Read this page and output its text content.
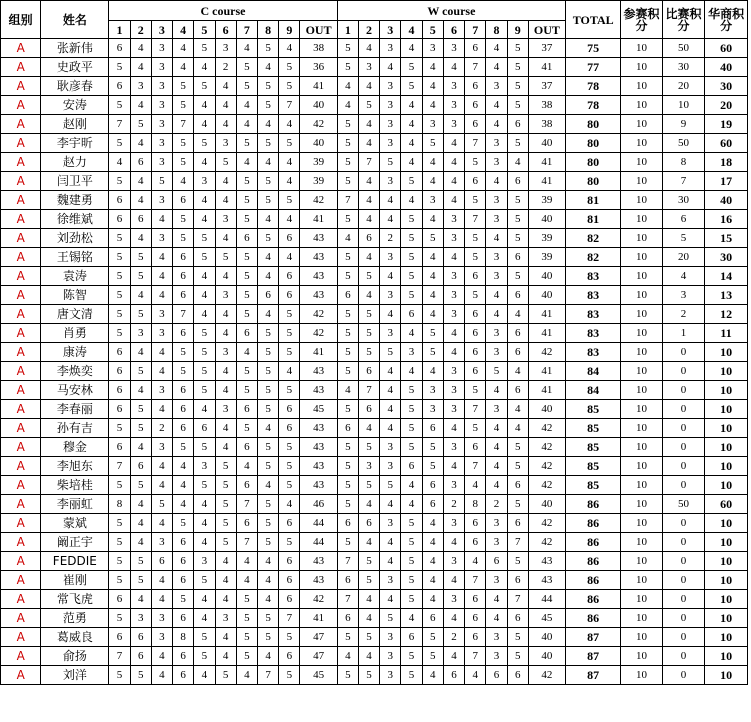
组别	姓名	C course										W course										TOTAL	参赛积分	比赛积分	华商积分
		1	2	3	4	5	6	7	8	9	OUT	1	2	3	4	5	6	7	8	9	OUT				
A	张新伟	6	4	3	4	5	3	4	5	4	38	5	4	3	4	3	3	6	4	5	37	75	10	50	60
A	史政平	5	4	3	4	4	2	5	4	5	36	5	3	4	5	4	4	7	4	5	41	77	10	30	40
A	耿彦春	6	3	3	5	5	4	5	5	5	41	4	4	3	5	4	3	6	3	5	37	78	10	20	30
A	安涛	5	4	3	5	4	4	4	5	7	40	4	5	3	4	4	3	6	4	5	38	78	10	10	20
A	赵刚	7	5	3	7	4	4	4	4	4	42	5	4	3	4	3	3	6	4	6	38	80	10	9	19
A	李宇昕	5	4	3	5	5	3	5	5	5	40	5	4	3	4	5	4	7	3	5	40	80	10	50	60
A	赵力	4	6	3	5	4	5	4	4	4	39	5	7	5	4	4	4	5	3	4	41	80	10	8	18
A	闫卫平	5	4	5	4	3	4	5	5	4	39	5	4	3	5	4	4	6	4	6	41	80	10	7	17
A	魏建勇	6	4	3	6	4	4	5	5	5	42	7	4	4	4	3	4	5	3	5	39	81	10	30	40
A	徐维斌	6	6	4	5	4	3	5	4	4	41	5	4	4	5	4	3	7	3	5	40	81	10	6	16
A	刘劲松	5	4	3	5	5	4	6	5	6	43	4	6	2	5	5	3	5	4	5	39	82	10	5	15
A	王锡铭	5	5	4	6	5	5	5	4	4	43	5	4	3	5	4	4	5	3	6	39	82	10	20	30
A	袁涛	5	5	4	6	4	4	5	4	6	43	5	5	4	5	4	3	6	3	5	40	83	10	4	14
A	陈智	5	4	4	6	4	3	5	6	6	43	6	4	3	5	4	3	5	4	6	40	83	10	3	13
A	唐文清	5	5	3	7	4	4	5	4	5	42	5	5	4	6	4	3	6	4	4	41	83	10	2	12
A	肖勇	5	3	3	6	5	4	6	5	5	42	5	5	3	4	5	4	6	3	6	41	83	10	1	11
A	康涛	6	4	4	5	5	3	4	5	5	41	5	5	5	3	5	4	6	3	6	42	83	10	0	10
A	李焕奕	6	5	4	5	5	4	5	5	4	43	5	6	4	4	4	3	6	5	4	41	84	10	0	10
A	马安林	6	4	3	6	5	4	5	5	5	43	4	7	4	5	3	3	5	4	6	41	84	10	0	10
A	李春丽	6	5	4	6	4	3	6	5	6	45	5	6	4	5	3	3	7	3	4	40	85	10	0	10
A	孙有吉	5	5	2	6	6	4	5	4	6	43	6	4	4	5	6	4	5	4	4	42	85	10	0	10
A	穆金	6	4	3	5	5	4	6	5	5	43	5	5	3	5	5	3	6	4	5	42	85	10	0	10
A	李旭东	7	6	4	4	3	5	4	5	5	43	5	3	3	6	5	4	7	4	5	42	85	10	0	10
A	柴培桂	5	5	4	4	5	5	6	4	5	43	5	5	5	4	6	3	4	4	6	42	85	10	0	10
A	李丽虹	8	4	5	4	4	5	7	5	4	46	5	4	4	4	6	2	8	2	5	40	86	10	50	60
A	蒙斌	5	4	4	5	4	5	6	5	6	44	6	6	3	5	4	3	6	3	6	42	86	10	0	10
A	阚正宇	5	4	3	6	4	5	7	5	5	44	5	4	4	5	4	4	6	3	7	42	86	10	0	10
A	FEDDIE	5	5	6	6	3	4	4	4	6	43	7	5	4	5	4	3	4	6	5	43	86	10	0	10
A	崔刚	5	5	4	6	5	4	4	4	6	43	6	5	3	5	4	4	7	3	6	43	86	10	0	10
A	常飞虎	6	4	4	5	4	4	5	4	6	42	7	4	4	5	4	3	6	4	7	44	86	10	0	10
A	范勇	5	3	3	6	4	3	5	5	7	41	6	4	5	4	6	4	6	4	6	45	86	10	0	10
A	葛威良	6	6	3	8	5	4	5	5	5	47	5	5	3	6	5	2	6	3	5	40	87	10	0	10
A	俞扬	7	6	4	6	5	4	5	4	6	47	4	4	3	5	5	4	7	3	5	40	87	10	0	10
A	刘洋	5	5	4	6	4	5	4	7	5	45	5	5	3	5	4	6	4	6	6	42	87	10	0	10
